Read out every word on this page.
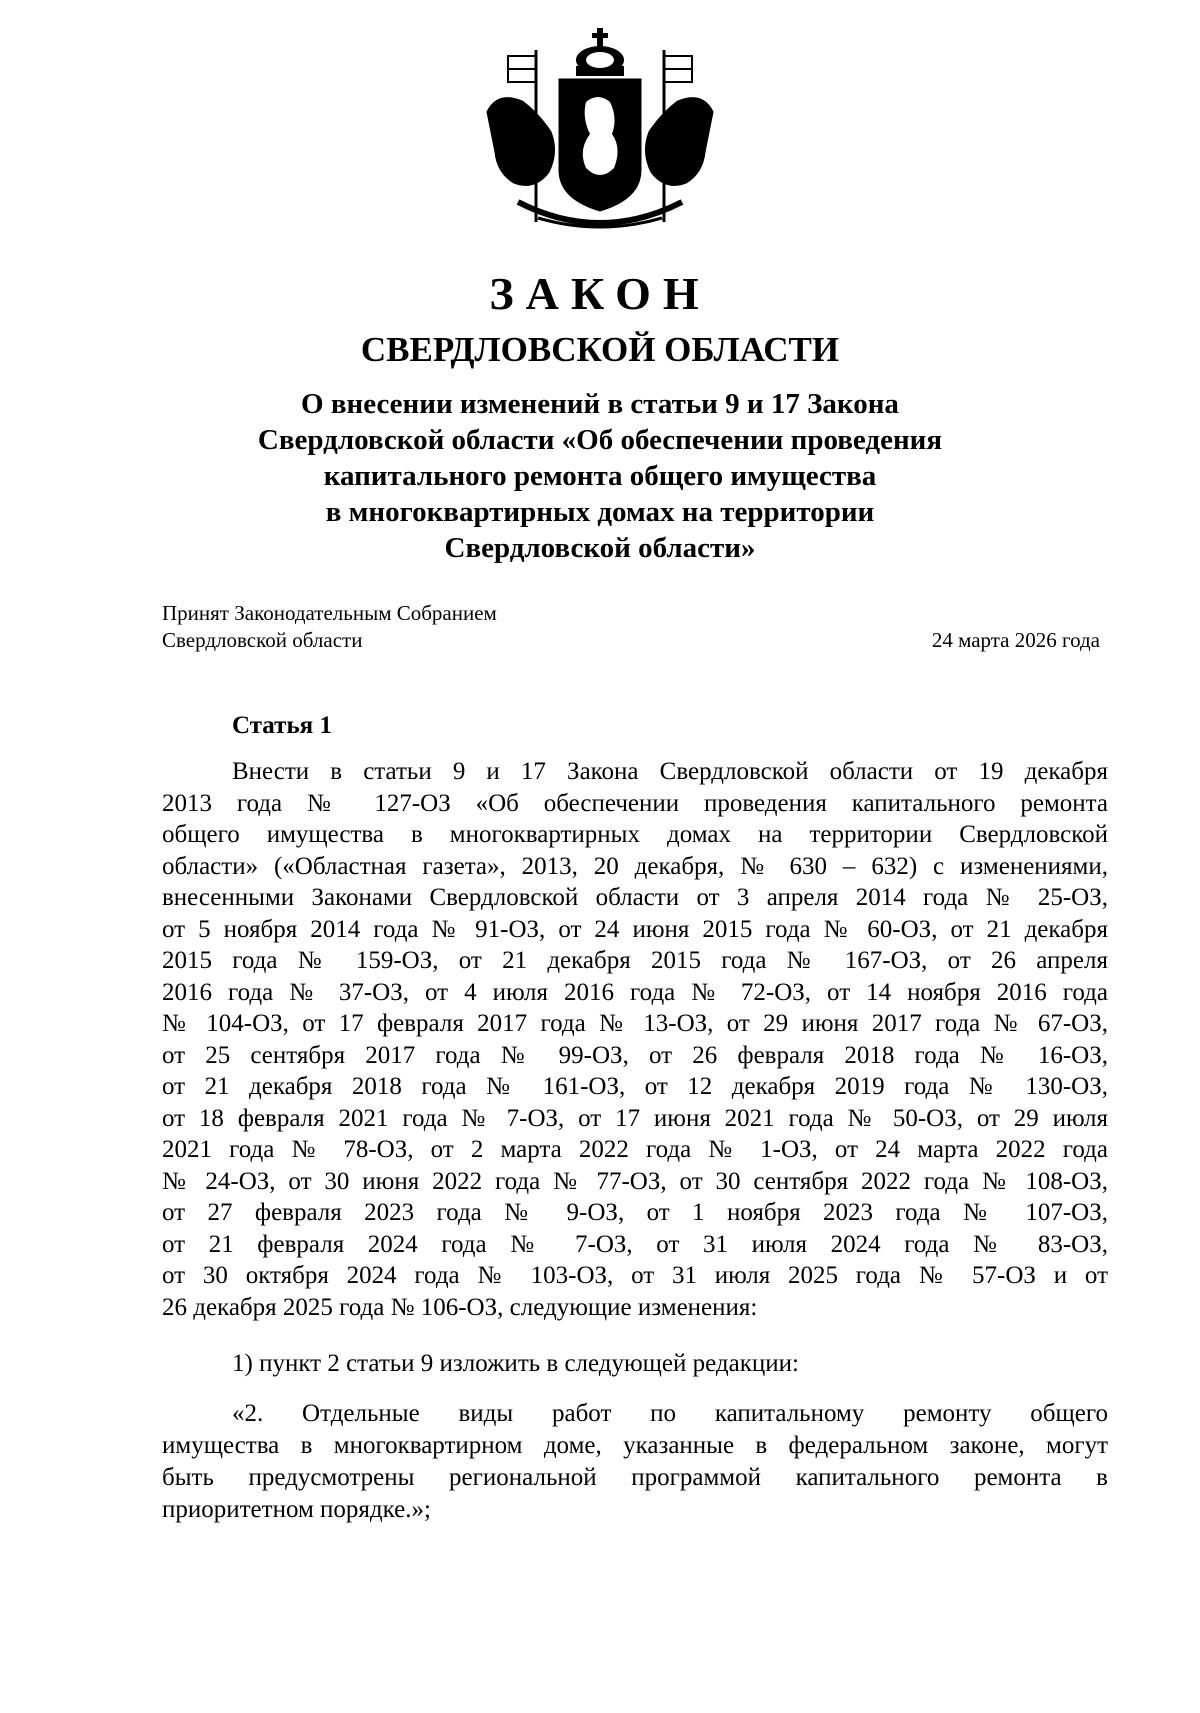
ЗАКОН
СВЕРДЛОВСКОЙ ОБЛАСТИ
О внесении изменений в статьи 9 и 17 Закона
Свердловской области «Об обеспечении проведения
капитального ремонта общего имущества
в многоквартирных домах на территории
Свердловской области»
Принят Законодательным Собранием
Свердловской области	24 марта 2026 года
Статья 1
Внести в статьи 9 и 17 Закона Свердловской области от 19 декабря
2013 года № 127-ОЗ «Об обеспечении проведения капитального ремонта
общего имущества в многоквартирных домах на территории Свердловской
области» («Областная газета», 2013, 20 декабря, № 630 – 632) с изменениями,
внесенными Законами Свердловской области от 3 апреля 2014 года № 25-ОЗ,
от 5 ноября 2014 года № 91-ОЗ, от 24 июня 2015 года № 60-ОЗ, от 21 декабря
2015 года № 159-ОЗ, от 21 декабря 2015 года № 167-ОЗ, от 26 апреля
2016 года № 37-ОЗ, от 4 июля 2016 года № 72-ОЗ, от 14 ноября 2016 года
№ 104-ОЗ, от 17 февраля 2017 года № 13-ОЗ, от 29 июня 2017 года № 67-ОЗ,
от 25 сентября 2017 года № 99-ОЗ, от 26 февраля 2018 года № 16-ОЗ,
от 21 декабря 2018 года № 161-ОЗ, от 12 декабря 2019 года № 130-ОЗ,
от 18 февраля 2021 года № 7-ОЗ, от 17 июня 2021 года № 50-ОЗ, от 29 июля
2021 года № 78-ОЗ, от 2 марта 2022 года № 1-ОЗ, от 24 марта 2022 года
№ 24-ОЗ, от 30 июня 2022 года № 77-ОЗ, от 30 сентября 2022 года № 108-ОЗ,
от 27 февраля 2023 года № 9-ОЗ, от 1 ноября 2023 года № 107-ОЗ,
от 21 февраля 2024 года № 7-ОЗ, от 31 июля 2024 года № 83-ОЗ,
от 30 октября 2024 года № 103-ОЗ, от 31 июля 2025 года № 57-ОЗ и от
26 декабря 2025 года № 106-ОЗ, следующие изменения:
1) пункт 2 статьи 9 изложить в следующей редакции:
«2. Отдельные виды работ по капитальному ремонту общего
имущества в многоквартирном доме, указанные в федеральном законе, могут
быть предусмотрены региональной программой капитального ремонта в
приоритетном порядке.»;
